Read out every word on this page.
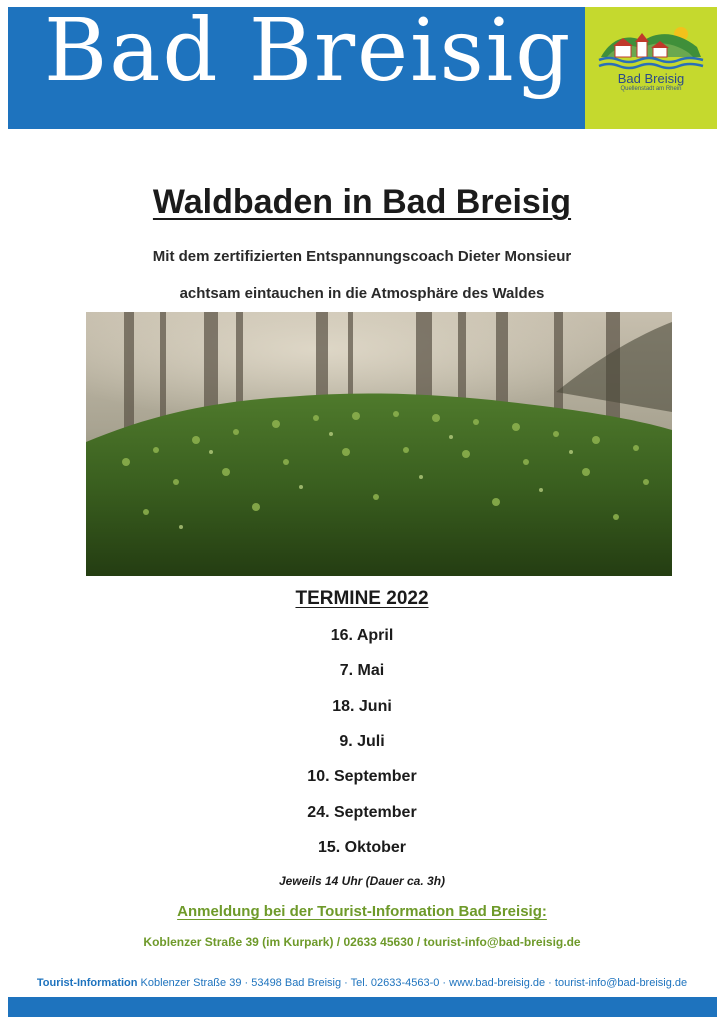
Bad Breisig	Bad Breisig
Quellenstadt am Rhein
Waldbaden in Bad Breisig
Mit dem zertifizierten Entspannungscoach Dieter Monsieur
achtsam eintauchen in die Atmosphäre des Waldes
TERMINE 2022
16. April
7. Mai
18. Juni
9. Juli
10. September
24. September
15. Oktober
Jeweils 14 Uhr (Dauer ca. 3h)
Anmeldung bei der Tourist-Information Bad Breisig:
Koblenzer Straße 39 (im Kurpark) / 02633 45630 / tourist-info@bad-breisig.de
Tourist-Information Koblenzer Straße 39 · 53498 Bad Breisig · Tel. 02633-4563-0 · www.bad-breisig.de · tourist-info@bad-breisig.de
